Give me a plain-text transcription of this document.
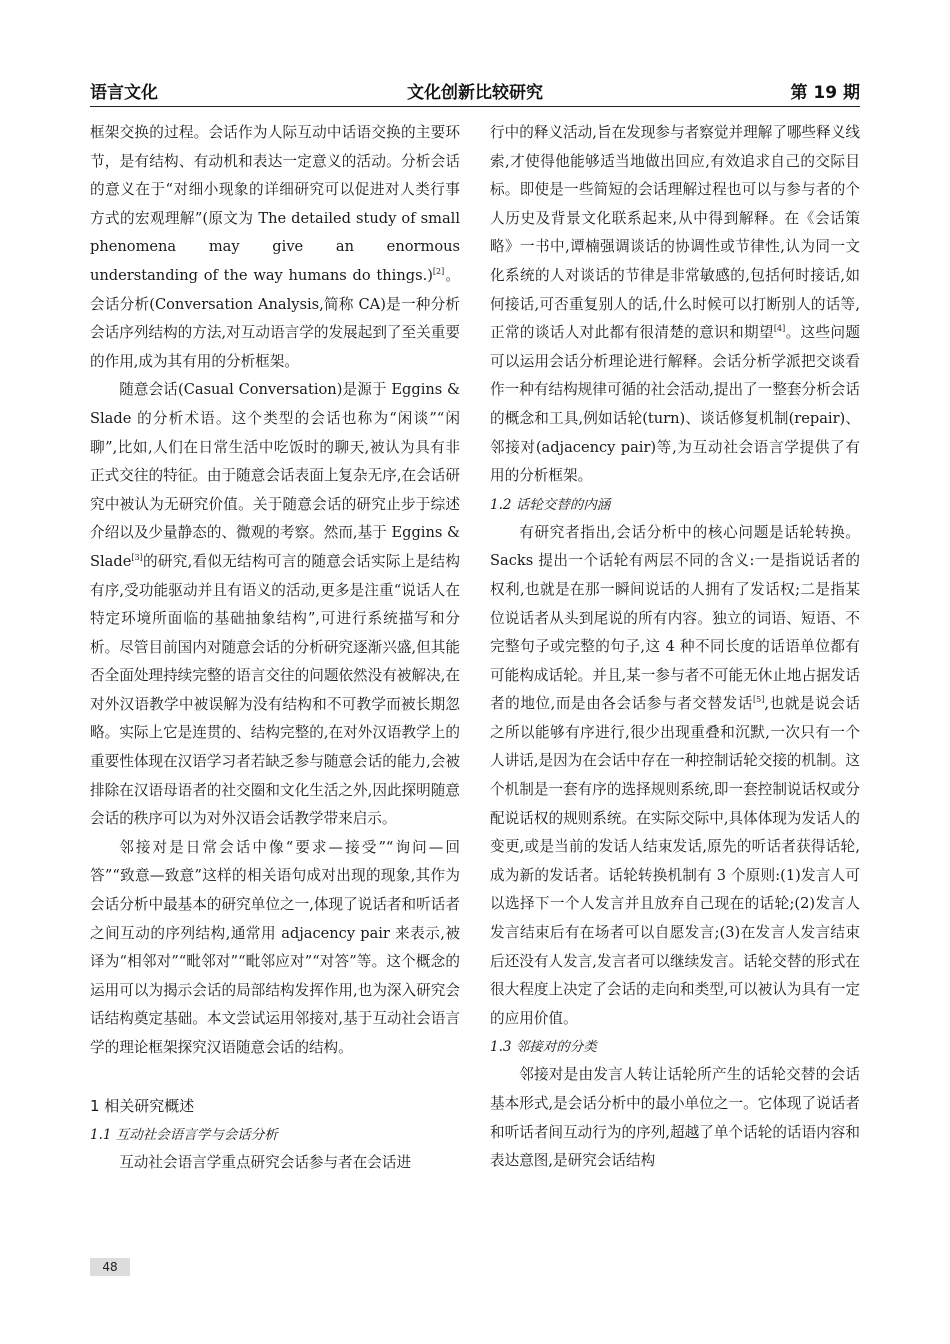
语言文化	文化创新比较研究	第 19 期

框架交换的过程。会话作为人际互动中话语交换的主要环节，是有结构、有动机和表达一定意义的活动。分析会话的意义在于“对细小现象的详细研究可以促进对人类行事方式的宏观理解”(原文为 The detailed study of small phenomena may give an enormous understanding of the way humans do things.)[2]。会话分析(Conversation Analysis,简称 CA)是一种分析会话序列结构的方法,对互动语言学的发展起到了至关重要的作用,成为其有用的分析框架。

随意会话(Casual Conversation)是源于 Eggins & Slade 的分析术语。这个类型的会话也称为“闲谈”“闲聊”,比如,人们在日常生活中吃饭时的聊天,被认为具有非正式交往的特征。由于随意会话表面上复杂无序,在会话研究中被认为无研究价值。关于随意会话的研究止步于综述介绍以及少量静态的、微观的考察。然而,基于 Eggins & Slade[3]的研究,看似无结构可言的随意会话实际上是结构有序,受功能驱动并且有语义的活动,更多是注重“说话人在特定环境所面临的基础抽象结构”,可进行系统描写和分析。尽管目前国内对随意会话的分析研究逐渐兴盛,但其能否全面处理持续完整的语言交往的问题依然没有被解决,在对外汉语教学中被误解为没有结构和不可教学而被长期忽略。实际上它是连贯的、结构完整的,在对外汉语教学上的重要性体现在汉语学习者若缺乏参与随意会话的能力,会被排除在汉语母语者的社交圈和文化生活之外,因此探明随意会话的秩序可以为对外汉语会话教学带来启示。

邻接对是日常会话中像“要求—接受”“询问—回答”“致意—致意”这样的相关语句成对出现的现象,其作为会话分析中最基本的研究单位之一,体现了说话者和听话者之间互动的序列结构,通常用 adjacency pair 来表示,被译为“相邻对”“毗邻对”“毗邻应对”“对答”等。这个概念的运用可以为揭示会话的局部结构发挥作用,也为深入研究会话结构奠定基础。本文尝试运用邻接对,基于互动社会语言学的理论框架探究汉语随意会话的结构。

1 相关研究概述
1.1 互动社会语言学与会话分析

互动社会语言学重点研究会话参与者在会话进

行中的释义活动,旨在发现参与者察觉并理解了哪些释义线索,才使得他能够适当地做出回应,有效追求自己的交际目标。即使是一些简短的会话理解过程也可以与参与者的个人历史及背景文化联系起来,从中得到解释。在《会话策略》一书中,谭楠强调谈话的协调性或节律性,认为同一文化系统的人对谈话的节律是非常敏感的,包括何时接话,如何接话,可否重复别人的话,什么时候可以打断别人的话等,正常的谈话人对此都有很清楚的意识和期望[4]。这些问题可以运用会话分析理论进行解释。会话分析学派把交谈看作一种有结构规律可循的社会活动,提出了一整套分析会话的概念和工具,例如话轮(turn)、谈话修复机制(repair)、邻接对(adjacency pair)等,为互动社会语言学提供了有用的分析框架。

1.2 话轮交替的内涵

有研究者指出,会话分析中的核心问题是话轮转换。Sacks 提出一个话轮有两层不同的含义:一是指说话者的权利,也就是在那一瞬间说话的人拥有了发话权;二是指某位说话者从头到尾说的所有内容。独立的词语、短语、不完整句子或完整的句子,这 4 种不同长度的话语单位都有可能构成话轮。并且,某一参与者不可能无休止地占据发话者的地位,而是由各会话参与者交替发话[5],也就是说会话之所以能够有序进行,很少出现重叠和沉默,一次只有一个人讲话,是因为在会话中存在一种控制话轮交接的机制。这个机制是一套有序的选择规则系统,即一套控制说话权或分配说话权的规则系统。在实际交际中,具体体现为发话人的变更,或是当前的发话人结束发话,原先的听话者获得话轮,成为新的发话者。话轮转换机制有 3 个原则:(1)发言人可以选择下一个人发言并且放弃自己现在的话轮;(2)发言人发言结束后有在场者可以自愿发言;(3)在发言人发言结束后还没有人发言,发言者可以继续发言。话轮交替的形式在很大程度上决定了会话的走向和类型,可以被认为具有一定的应用价值。

1.3 邻接对的分类

邻接对是由发言人转让话轮所产生的话轮交替的会话基本形式,是会话分析中的最小单位之一。它体现了说话者和听话者间互动行为的序列,超越了单个话轮的话语内容和表达意图,是研究会话结构

48
